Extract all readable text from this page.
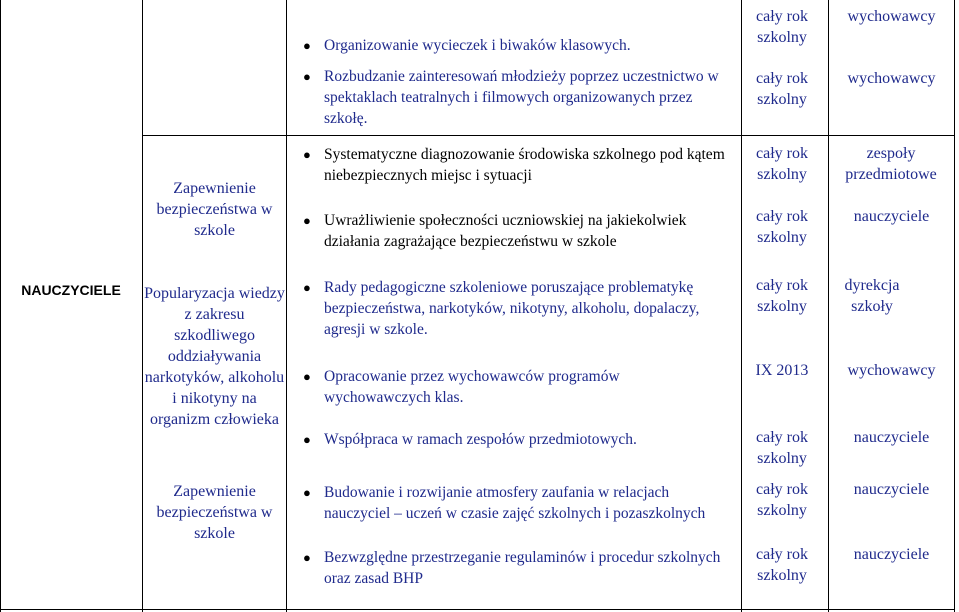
NAUCZYCIELE
Zapewnienie bezpieczeństwa w szkole
Popularyzacja wiedzy z zakresu szkodliwego oddziaływania narkotyków, alkoholu i nikotyny na organizm człowieka
Zapewnienie bezpieczeństwa w szkole
● Organizowanie wycieczek i biwaków klasowych.
● Rozbudzanie zainteresowań młodzieży poprzez uczestnictwo w spektaklach teatralnych i filmowych organizowanych przez szkołę.
● Systematyczne diagnozowanie środowiska szkolnego pod kątem niebezpiecznych miejsc i sytuacji
● Uwrażliwienie społeczności uczniowskiej na jakiekolwiek działania zagrażające bezpieczeństwu w szkole
● Rady pedagogiczne szkoleniowe poruszające problematykę bezpieczeństwa, narkotyków, nikotyny, alkoholu, dopalaczy, agresji w szkole.
● Opracowanie przez wychowawców programów wychowawczych klas.
● Współpraca w ramach zespołów przedmiotowych.
● Budowanie i rozwijanie atmosfery zaufania w relacjach nauczyciel – uczeń w czasie zajęć szkolnych i pozaszkolnych
● Bezwzględne przestrzeganie regulaminów i procedur szkolnych oraz zasad BHP
cały rok szkolny
cały rok szkolny
cały rok szkolny
cały rok szkolny
cały rok szkolny
IX 2013
cały rok szkolny
cały rok szkolny
cały rok szkolny
wychowawcy
wychowawcy
zespoły przedmiotowe
nauczyciele
dyrekcja szkoły
wychowawcy
nauczyciele
nauczyciele
nauczyciele
